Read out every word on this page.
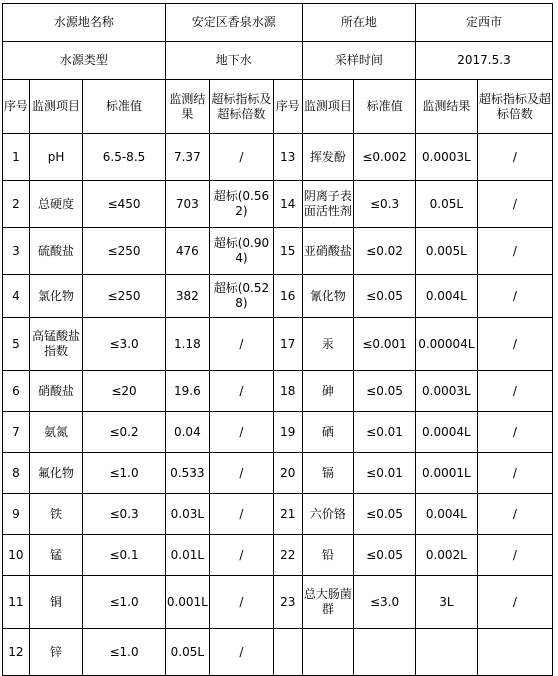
水源地名称			安定区香泉水源			所在地		定西市	
水源类型			地下水			采样时间		2017.5.3	
序号	监测项目	标准值	监测结果	超标指标及超标倍数	序号	监测项目	标准值	监测结果	超标指标及超标倍数
1	pH	6.5-8.5	7.37	/	13	挥发酚	≤0.002	0.0003L	/
2	总硬度	≤450	703	超标(0.562)	14	阴离子表面活性剂	≤0.3	0.05L	/
3	硫酸盐	≤250	476	超标(0.904)	15	亚硝酸盐	≤0.02	0.005L	/
4	氯化物	≤250	382	超标(0.528)	16	氰化物	≤0.05	0.004L	/
5	高锰酸盐指数	≤3.0	1.18	/	17	汞	≤0.001	0.00004L	/
6	硝酸盐	≤20	19.6	/	18	砷	≤0.05	0.0003L	/
7	氨氮	≤0.2	0.04	/	19	硒	≤0.01	0.0004L	/
8	氟化物	≤1.0	0.533	/	20	镉	≤0.01	0.0001L	/
9	铁	≤0.3	0.03L	/	21	六价铬	≤0.05	0.004L	/
10	锰	≤0.1	0.01L	/	22	铅	≤0.05	0.002L	/
11	铜	≤1.0	0.001L	/	23	总大肠菌群	≤3.0	3L	/
12	锌	≤1.0	0.05L	/					
